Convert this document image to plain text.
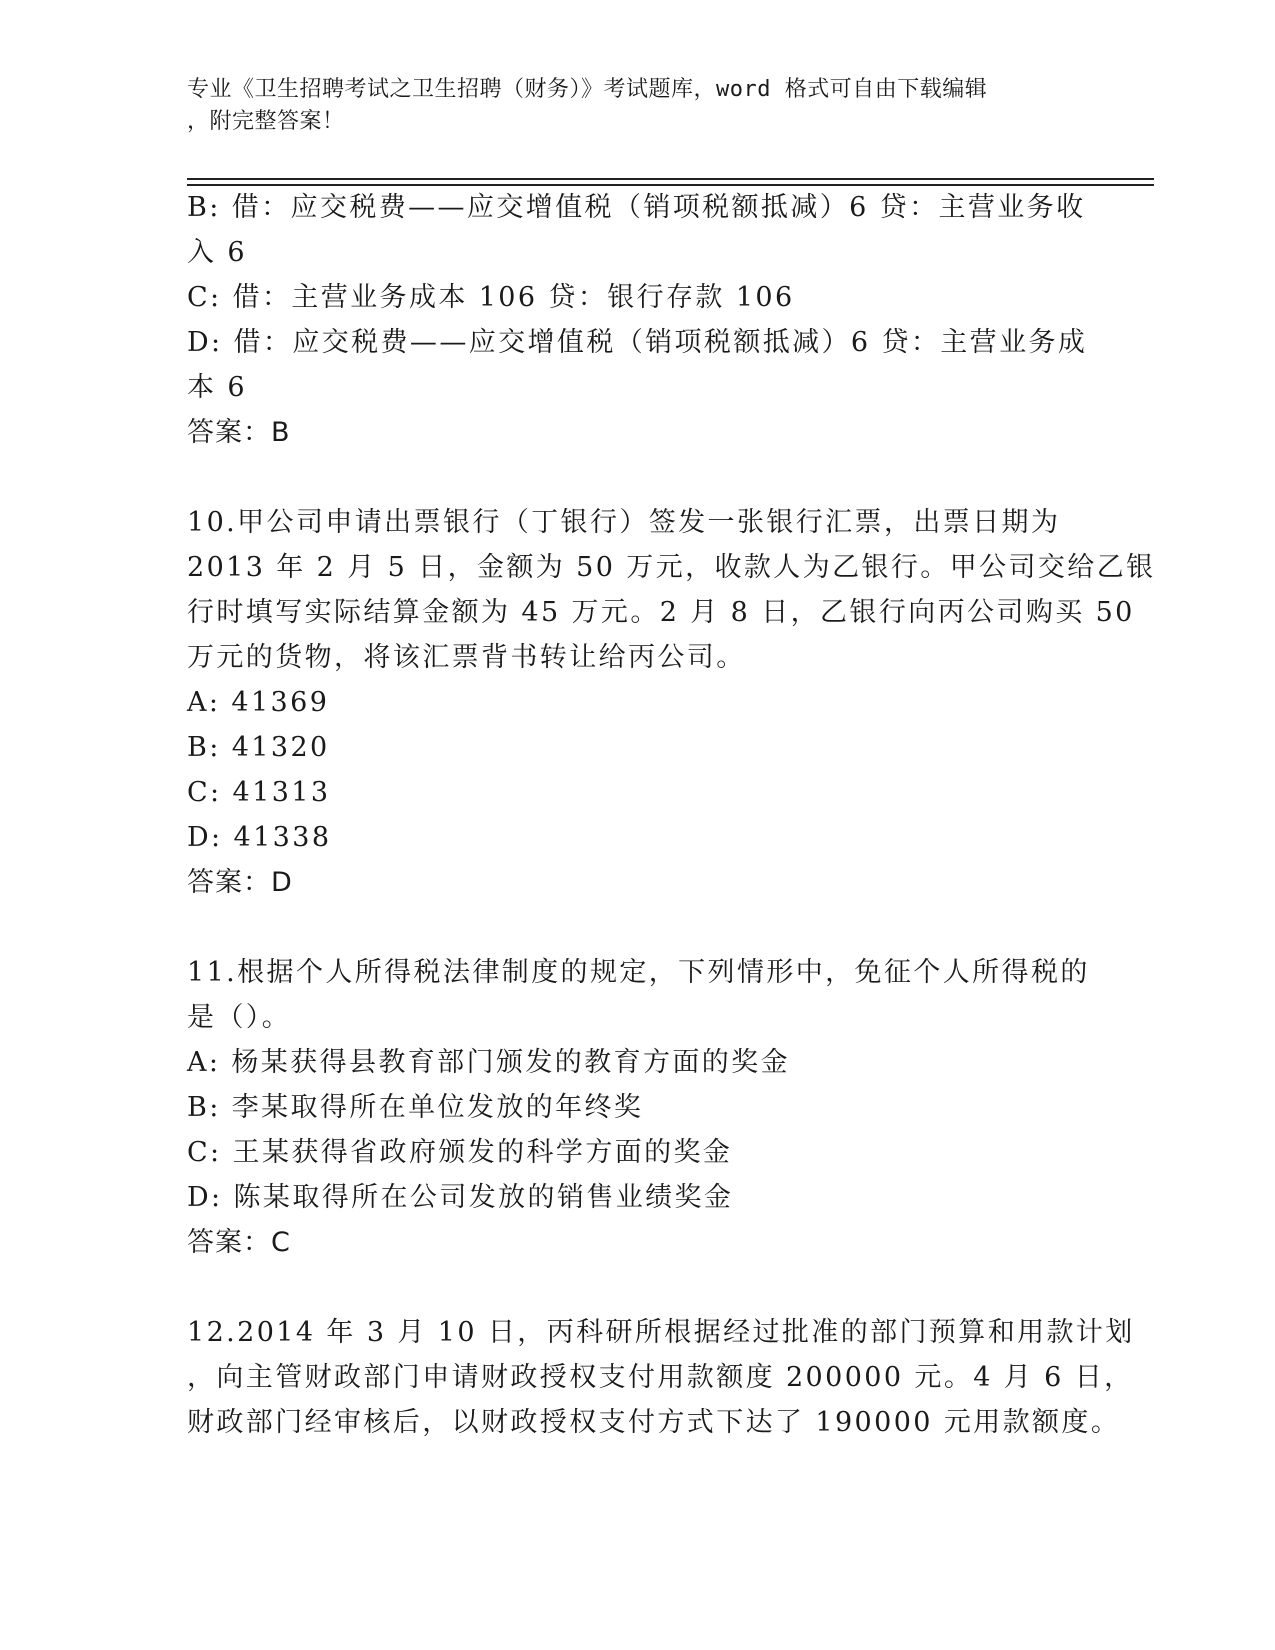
专业《卫生招聘考试之卫生招聘（财务）》考试题库，word 格式可自由下载编辑
，附完整答案！
B: 借：应交税费——应交增值税（销项税额抵减）6 贷：主营业务收
入 6
C: 借：主营业务成本 106 贷：银行存款 106
D: 借：应交税费——应交增值税（销项税额抵减）6 贷：主营业务成
本 6
答案：B
10.甲公司申请出票银行（丁银行）签发一张银行汇票，出票日期为
2013 年 2 月 5 日，金额为 50 万元，收款人为乙银行。甲公司交给乙银
行时填写实际结算金额为 45 万元。2 月 8 日，乙银行向丙公司购买 50
万元的货物，将该汇票背书转让给丙公司。
A: 41369
B: 41320
C: 41313
D: 41338
答案：D
11.根据个人所得税法律制度的规定，下列情形中，免征个人所得税的
是（）。
A: 杨某获得县教育部门颁发的教育方面的奖金
B: 李某取得所在单位发放的年终奖
C: 王某获得省政府颁发的科学方面的奖金
D: 陈某取得所在公司发放的销售业绩奖金
答案：C
12.2014 年 3 月 10 日，丙科研所根据经过批准的部门预算和用款计划
，向主管财政部门申请财政授权支付用款额度 200000 元。4 月 6 日，
财政部门经审核后，以财政授权支付方式下达了 190000 元用款额度。
